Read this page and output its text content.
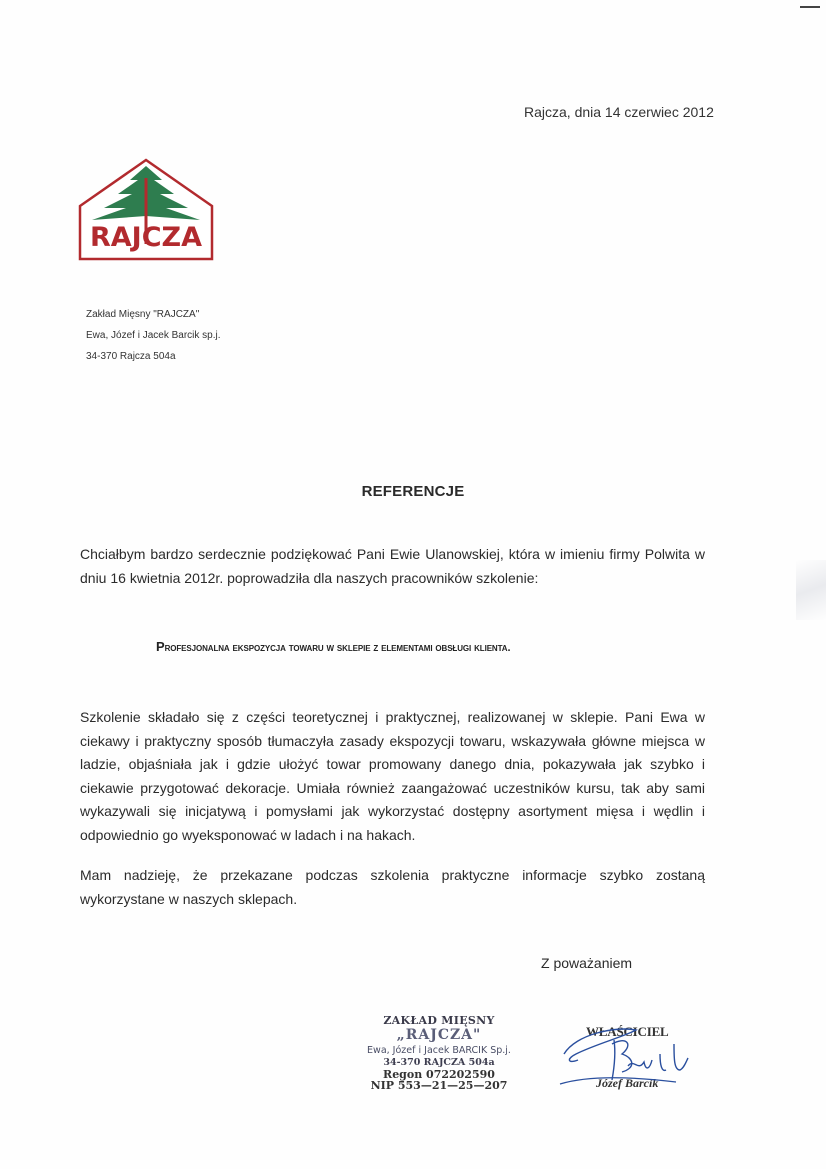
Rajcza, dnia 14 czerwiec 2012
RAJCZA
Zakład Mięsny "RAJCZA"
Ewa, Józef i Jacek Barcik sp.j.
34-370 Rajcza 504a
REFERENCJE
Chciałbym bardzo serdecznie podziękować Pani Ewie Ulanowskiej, która w imieniu firmy Polwita w dniu 16 kwietnia 2012r. poprowadziła dla naszych pracowników szkolenie:
Profesjonalna ekspozycja towaru w sklepie z elementami obsługi klienta.
Szkolenie składało się z części teoretycznej i praktycznej, realizowanej w sklepie. Pani Ewa w ciekawy i praktyczny sposób tłumaczyła zasady ekspozycji towaru, wskazywała główne miejsca w ladzie, objaśniała jak i gdzie ułożyć towar promowany danego dnia, pokazywała jak szybko i ciekawie przygotować dekoracje. Umiała również zaangażować uczestników kursu, tak aby sami wykazywali się inicjatywą i pomysłami jak wykorzystać dostępny asortyment mięsa i wędlin i odpowiednio go wyeksponować w ladach i na hakach.
Mam nadzieję, że przekazane podczas szkolenia praktyczne informacje szybko zostaną wykorzystane w naszych sklepach.
Z poważaniem
ZAKŁAD MIĘSNY „RAJCZA"
Ewa, Józef i Jacek BARCIK Sp.j.
34-370 RAJCZA 504a
Regon 072202590
NIP 553—21—25—207
WŁAŚCICIEL
Józef Barcik
